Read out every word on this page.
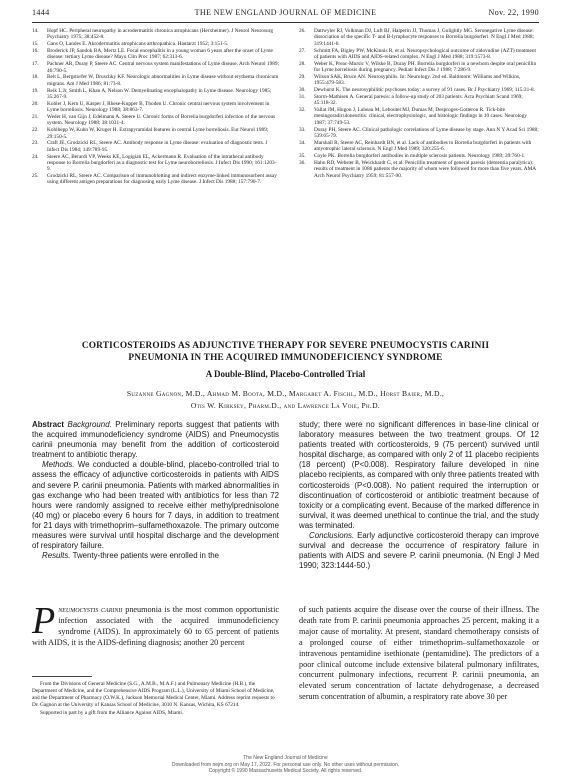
1444	THE NEW ENGLAND JOURNAL OF MEDICINE	Nov. 22, 1990
14. Hopf HC. Peripheral neuropathy in acrodermatitis chronica atrophicans (Herxheimer). J Neurol Neurosurg Psychiatry 1975; 38:452-8.
15. Gans O, Landes E. Akrodermatitis atrophicans arthropathica. Hautarzt 1952; 3:151-5.
16. Broderick JP, Sandok BA, Mertz LE. Focal encephalitis in a young woman 6 years after the onset of Lyme disease: tertiary Lyme disease? Mayo Clin Proc 1987; 62:313-6.
17. Pachner AR, Duray P, Steere AC. Central nervous system manifestations of Lyme disease. Arch Neurol 1989; 46:790-5.
18. Belt L, Bergstorfer W, Druschky KF. Neurologic abnormalities in Lyme disease without erythema chronicum migrans. Am J Med 1986; 81:73-8.
19. Reik L Jr, Smith L, Khan A, Nelson W. Demyelinating encephalopathy in Lyme disease. Neurology 1985; 35:267-9.
20. Kohler J, Kern U, Kasper J, Rhese-Kupper B, Thoden U. Chronic central nervous system involvement in Lyme borreliosis. Neurology 1988; 38:863-7.
21. Weder H, van Gijn J, Edelmann A. Steere U. Chronic forms of Borrelia burgdorferi infection of the nervous system. Neurology 1988; 38:1031-4.
22. Kohlhepp W, Kuhn W, Kruger H. Extrapyramidal features in central Lyme borreliosis. Eur Neurol 1989; 29:150-5.
23. Craft JE, Grodzicki RL, Steere AC. Antibody response in Lyme disease: evaluation of diagnostic tests. J Infect Dis 1984; 149:789-95.
24. Steere AC, Berardi VP, Weeks KE, Logigian EL, Ackermann R. Evaluation of the intrathecal antibody response to Borrelia burgdorferi as a diagnostic test for Lyme neuroborreliosis. J Infect Dis 1990; 161:1203-9.
25. Grodzicki RL, Steere AC. Comparison of immunoblotting and indirect enzyme-linked immunosorbent assay using different antigen preparations for diagnosing early Lyme disease. J Infect Dis 1988; 157:790-7.
26. Dattwyler RJ, Volkman DJ, Luft BJ, Halperin JJ, Thomas J, Golightly MG. Seronegative Lyme disease: dissociation of the specific T- and B-lymphocyte responses to Borrelia burgdorferi. N Engl J Med 1988; 319:1441-6.
27. Schmitt FA, Bigley PW, McKinnis R, et al. Neuropsychological outcome of zidovudine (AZT) treatment of patients with AIDS and AIDS-related complex. N Engl J Med 1988; 319:1573-8.
28. Weber K, Preac-Mursic V, Wilske B, Duray PH. Borrelia burgdorferi in a newborn despite oral penicillin for Lyme borreliosis during pregnancy. Pediatr Infect Dis J 1988; 7:286-9.
29. Wilson SAK, Bruce AN. Neurosyphilis. In: Neurology. 2nd ed. Baltimore: Williams and Wilkins, 1955:479-583.
30. Dewhurst K. The neurosyphilitic psychoses today: a survey of 91 cases. Br J Psychiatry 1969; 115:31-8.
31. Storm-Mathisen A. General paresis: a follow-up study of 203 patients. Acta Psychiatr Scand 1969; 45:118-32.
32. Vallat JM, Hugon J, Lubeau M, Leboutet MJ, Dumas M, Desproges-Gotteron R. Tick-bite meningoradiculoneuritis: clinical, electrophysiologic, and histologic findings in 10 cases. Neurology 1987; 37:749-53.
33. Duray PH, Steere AC. Clinical pathologic correlations of Lyme disease by stage. Ann N Y Acad Sci 1988; 539:65-79.
34. Marshall R, Steere AC, Reinhardt BN, et al. Lack of antibodies to Borrelia burgdorferi in patients with amyotrophic lateral sclerosis. N Engl J Med 1989; 320:255-6.
35. Coyle PK. Borrelia burgdorferi antibodies in multiple sclerosis patients. Neurology 1989; 39:760-1.
36. Hahn RD, Webster B, Weickhardt G, et al. Penicillin treatment of general paresis (dementia paralytica): results of treatment in 1086 patients the majority of whom were followed for more than five years. AMA Arch Neurol Psychiatry 1959; 81:557-90.
CORTICOSTEROIDS AS ADJUNCTIVE THERAPY FOR SEVERE PNEUMOCYSTIS CARINII
PNEUMONIA IN THE ACQUIRED IMMUNODEFICIENCY SYNDROME
A Double-Blind, Placebo-Controlled Trial
Suzanne Gagnon, M.D., Ahmad M. Boota, M.D., Margaret A. Fischl, M.D., Horst Baier, M.D.,
Otis W. Kirksey, Pharm.D., and Lawrence La Voie, Ph.D.

Abstract Background. Preliminary reports suggest that patients with the acquired immunodeficiency syndrome (AIDS) and Pneumocystis carinii pneumonia may benefit from the addition of corticosteroid treatment to antibiotic therapy.

Methods. We conducted a double-blind, placebo-controlled trial to assess the efficacy of adjunctive corticosteroids in patients with AIDS and severe P. carinii pneumonia. Patients with marked abnormalities in gas exchange who had been treated with antibiotics for less than 72 hours were randomly assigned to receive either methylprednisolone (40 mg) or placebo every 6 hours for 7 days, in addition to treatment for 21 days with trimethoprim–sulfamethoxazole. The primary outcome measures were survival until hospital discharge and the development of respiratory failure.

Results. Twenty-three patients were enrolled in the

study; there were no significant differences in base-line clinical or laboratory measures between the two treatment groups. Of 12 patients treated with corticosteroids, 9 (75 percent) survived until hospital discharge, as compared with only 2 of 11 placebo recipients (18 percent) (P<0.008). Respiratory failure developed in nine placebo recipients, as compared with only three patients treated with corticosteroids (P<0.008). No patient required the interruption or discontinuation of corticosteroid or antibiotic treatment because of toxicity or a complicating event. Because of the marked difference in survival, it was deemed unethical to continue the trial, and the study was terminated.

Conclusions. Early adjunctive corticosteroid therapy can improve survival and decrease the occurrence of respiratory failure in patients with AIDS and severe P. carinii pneumonia. (N Engl J Med 1990; 323:1444-50.)

P neumocystis carinii pneumonia is the most common opportunistic infection associated with the acquired immunodeficiency syndrome (AIDS). In approximately 60 to 65 percent of patients with AIDS, it is the AIDS-defining diagnosis; another 20 percent

of such patients acquire the disease over the course of their illness. The death rate from P. carinii pneumonia approaches 25 percent, making it a major cause of mortality. At present, standard chemotherapy consists of a prolonged course of either trimethoprim–sulfamethoxazole or intravenous pentamidine isethionate (pentamidine). The predictors of a poor clinical outcome include extensive bilateral pulmonary infiltrates, concurrent pulmonary infections, recurrent P. carinii pneumonia, an elevated serum concentration of lactate dehydrogenase, a decreased serum concentration of albumin, a respiratory rate above 30 per

From the Divisions of General Medicine (S.G., A.M.B., M.A.F.) and Pulmonary Medicine (H.B.), the Department of Medicine, and the Comprehensive AIDS Program (L.L.), University of Miami School of Medicine, and the Department of Pharmacy (O.W.K.), Jackson Memorial Medical Center, Miami. Address reprint requests to Dr. Gagnon at the University of Kansas School of Medicine, 3010 N. Kansas, Wichita, KS 67214.

Supported in part by a gift from the Alliance Against AIDS, Miami.

The New England Journal of Medicine
Downloaded from nejm.org on May 17, 2022. For personal use only. No other uses without permission.
Copyright © 1990 Massachusetts Medical Society. All rights reserved.
